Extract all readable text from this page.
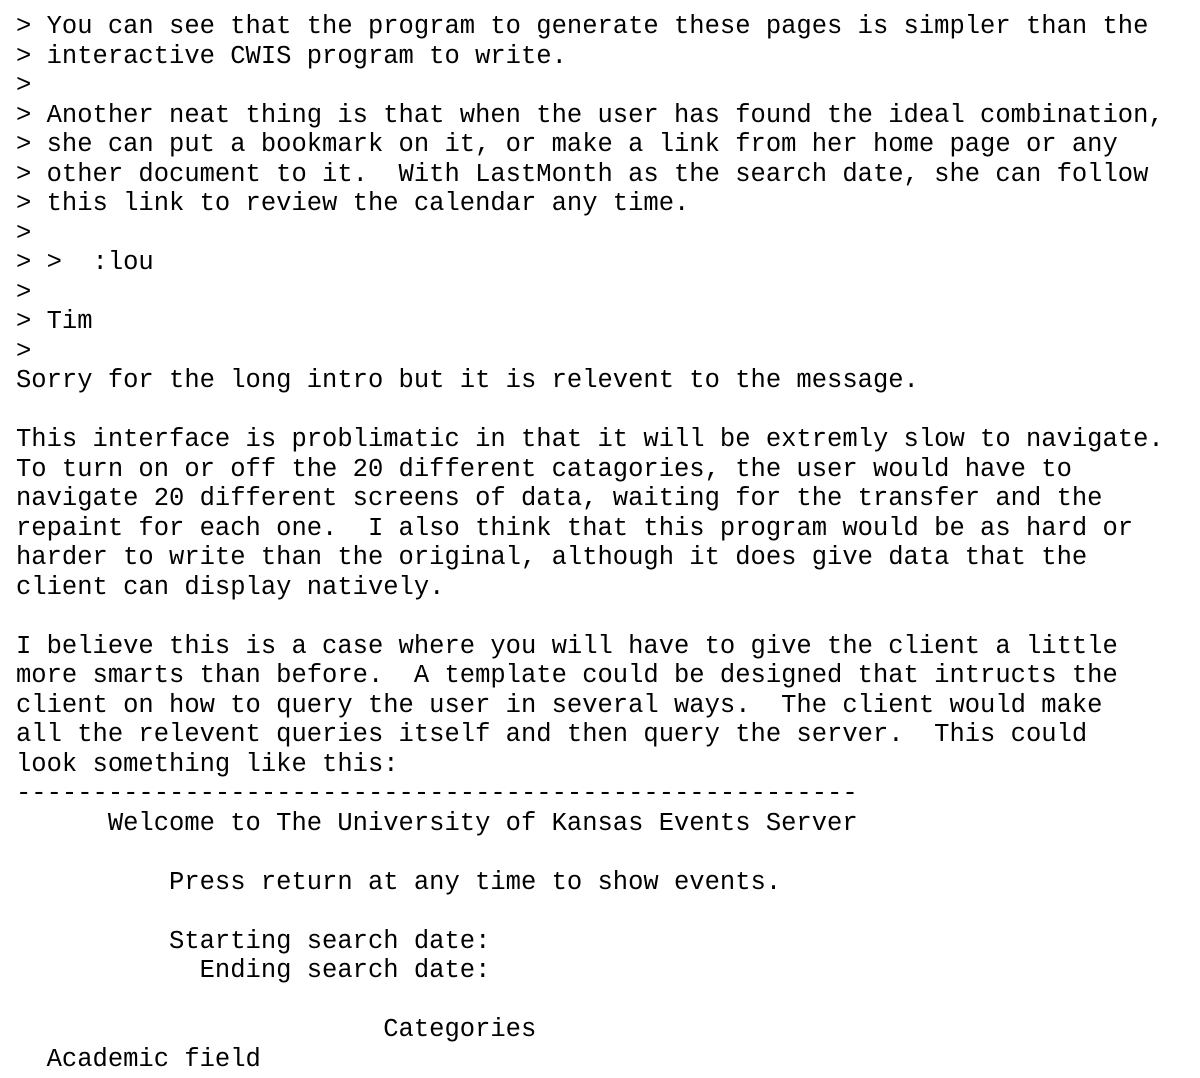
> You can see that the program to generate these pages is simpler than the
> interactive CWIS program to write.
>
> Another neat thing is that when the user has found the ideal combination,
> she can put a bookmark on it, or make a link from her home page or any
> other document to it.  With LastMonth as the search date, she can follow
> this link to review the calendar any time.
>
> >  :lou
>
> Tim
>
Sorry for the long intro but it is relevent to the message.
This interface is problimatic in that it will be extremly slow to navigate.
To turn on or off the 20 different catagories, the user would have to
navigate 20 different screens of data, waiting for the transfer and the
repaint for each one.  I also think that this program would be as hard or
harder to write than the original, although it does give data that the
client can display natively.
I believe this is a case where you will have to give the client a little
more smarts than before.  A template could be designed that intructs the
client on how to query the user in several ways.  The client would make
all the relevent queries itself and then query the server.  This could
look something like this:
-------------------------------------------------------
Welcome to The University of Kansas Events Server
Press return at any time to show events.
Starting search date:
Ending search date:
Categories
Academic field
